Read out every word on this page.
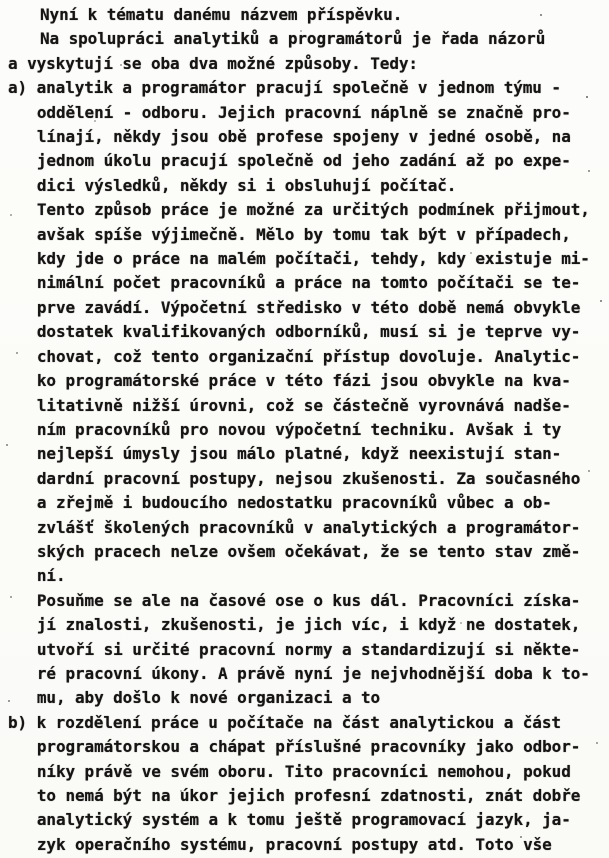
Nyní k tématu danému názvem příspěvku.
Na spolupráci analytiků a programátorů je řada názorů
a vyskytují se oba dva možné způsoby. Tedy:
a) analytik a programátor pracují společně v jednom týmu -
oddělení - odboru. Jejich pracovní náplně se značně pro-
línají, někdy jsou obě profese spojeny v jedné osobě, na
jednom úkolu pracují společně od jeho zadání až po expe-
dici výsledků, někdy si i obsluhují počítač.
Tento způsob práce je možné za určitých podmínek přijmout,
avšak spíše výjimečně. Mělo by tomu tak být v případech,
kdy jde o práce na malém počítači, tehdy, kdy existuje mi-
nimální počet pracovníků a práce na tomto počítači se te-
prve zavádí. Výpočetní středisko v této době nemá obvykle
dostatek kvalifikovaných odborníků, musí si je teprve vy-
chovat, což tento organizační přístup dovoluje. Analytic-
ko programátorské práce v této fázi jsou obvykle na kva-
litativně nižší úrovni, což se částečně vyrovnává nadše-
ním pracovníků pro novou výpočetní techniku. Avšak i ty
nejlepší úmysly jsou málo platné, když neexistují stan-
dardní pracovní postupy, nejsou zkušenosti. Za současného
a zřejmě i budoucího nedostatku pracovníků vůbec a ob-
zvlášť školených pracovníků v analytických a programátor-
ských pracech nelze ovšem očekávat, že se tento stav změ-
ní.
Posuňme se ale na časové ose o kus dál. Pracovníci získa-
jí znalosti, zkušenosti, je jich víc, i když ne dostatek,
utvoří si určité pracovní normy a standardizují si někte-
ré pracovní úkony. A právě nyní je nejvhodnější doba k to-
mu, aby došlo k nové organizaci a to
b) k rozdělení práce u počítače na část analytickou a část
programátorskou a chápat příslušné pracovníky jako odbor-
níky právě ve svém oboru. Tito pracovníci nemohou, pokud
to nemá být na úkor jejich profesní zdatnosti, znát dobře
analytický systém a k tomu ještě programovací jazyk, ja-
zyk operačního systému, pracovní postupy atd. Toto vše
